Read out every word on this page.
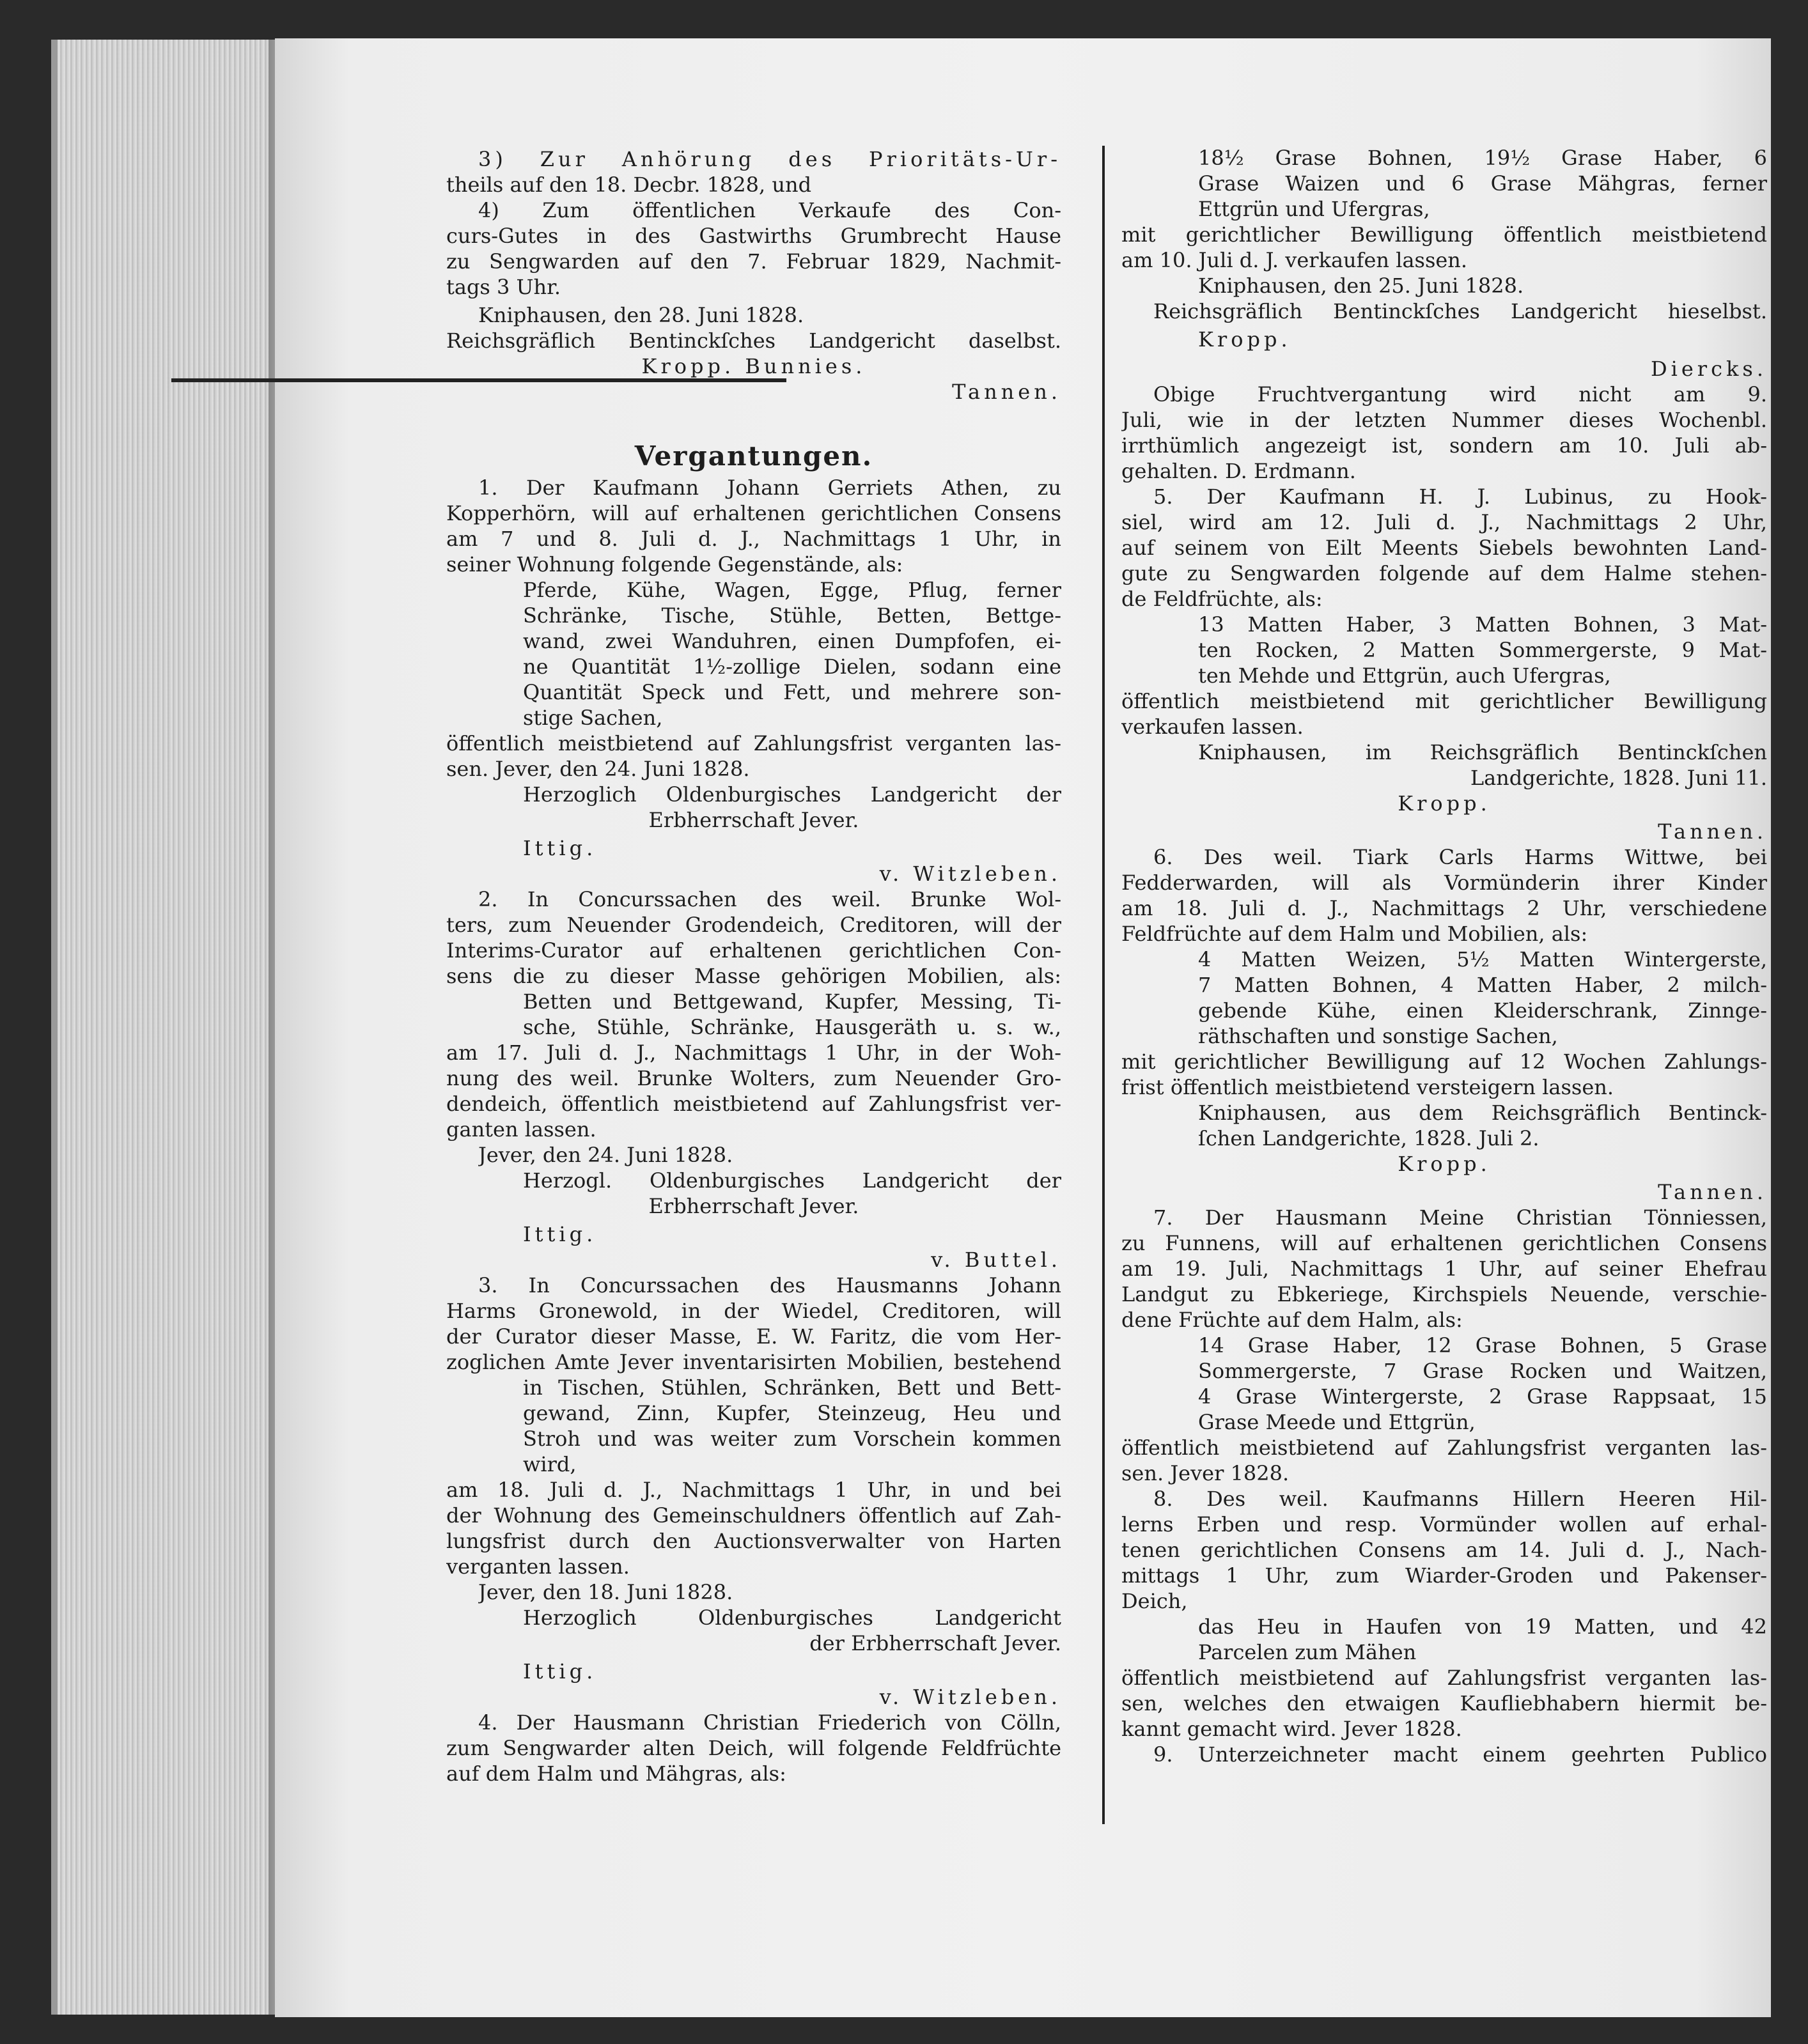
3) Zur Anhörung des Prioritäts-Ur-
theils auf den 18. Decbr. 1828, und
4) Zum öffentlichen Verkaufe des Con-
curs-Gutes in des Gastwirths Grumbrecht Hause
zu Sengwarden auf den 7. Februar 1829, Nachmit-
tags 3 Uhr.
Kniphausen, den 28. Juni 1828.
Reichsgräflich Bentinckſches Landgericht daselbst.
Kropp. Bunnies.
Tannen.
Vergantungen.
1. Der Kaufmann Johann Gerriets Athen, zu
Kopperhörn, will auf erhaltenen gerichtlichen Consens
am 7 und 8. Juli d. J., Nachmittags 1 Uhr, in
seiner Wohnung folgende Gegenstände, als:
Pferde, Kühe, Wagen, Egge, Pflug, ferner
Schränke, Tische, Stühle, Betten, Bettge-
wand, zwei Wanduhren, einen Dumpfofen, ei-
ne Quantität 1½-zollige Dielen, sodann eine
Quantität Speck und Fett, und mehrere son-
stige Sachen,
öffentlich meistbietend auf Zahlungsfrist verganten las-
sen. Jever, den 24. Juni 1828.
Herzoglich Oldenburgisches Landgericht der
Erbherrschaft Jever.
Ittig.
v. Witzleben.
2. In Concurssachen des weil. Brunke Wol-
ters, zum Neuender Grodendeich, Creditoren, will der
Interims-Curator auf erhaltenen gerichtlichen Con-
sens die zu dieser Masse gehörigen Mobilien, als:
Betten und Bettgewand, Kupfer, Messing, Ti-
sche, Stühle, Schränke, Hausgeräth u. s. w.,
am 17. Juli d. J., Nachmittags 1 Uhr, in der Woh-
nung des weil. Brunke Wolters, zum Neuender Gro-
dendeich, öffentlich meistbietend auf Zahlungsfrist ver-
ganten lassen.
Jever, den 24. Juni 1828.
Herzogl. Oldenburgisches Landgericht der
Erbherrschaft Jever.
Ittig.
v. Buttel.
3. In Concurssachen des Hausmanns Johann
Harms Gronewold, in der Wiedel, Creditoren, will
der Curator dieser Masse, E. W. Faritz, die vom Her-
zoglichen Amte Jever inventarisirten Mobilien, bestehend
in Tischen, Stühlen, Schränken, Bett und Bett-
gewand, Zinn, Kupfer, Steinzeug, Heu und
Stroh und was weiter zum Vorschein kommen
wird,
am 18. Juli d. J., Nachmittags 1 Uhr, in und bei
der Wohnung des Gemeinschuldners öffentlich auf Zah-
lungsfrist durch den Auctionsverwalter von Harten
verganten lassen.
Jever, den 18. Juni 1828.
Herzoglich Oldenburgisches Landgericht
der Erbherrschaft Jever.
Ittig.
v. Witzleben.
4. Der Hausmann Christian Friederich von Cölln,
zum Sengwarder alten Deich, will folgende Feldfrüchte
auf dem Halm und Mähgras, als:
18½ Grase Bohnen, 19½ Grase Haber, 6
Grase Waizen und 6 Grase Mähgras, ferner
Ettgrün und Ufergras,
mit gerichtlicher Bewilligung öffentlich meistbietend
am 10. Juli d. J. verkaufen lassen.
Kniphausen, den 25. Juni 1828.
Reichsgräflich Bentinckſches Landgericht hieselbst.
Kropp.
Diercks.
Obige Fruchtvergantung wird nicht am 9.
Juli, wie in der letzten Nummer dieses Wochenbl.
irrthümlich angezeigt ist, sondern am 10. Juli ab-
gehalten. D. Erdmann.
5. Der Kaufmann H. J. Lubinus, zu Hook-
siel, wird am 12. Juli d. J., Nachmittags 2 Uhr,
auf seinem von Eilt Meents Siebels bewohnten Land-
gute zu Sengwarden folgende auf dem Halme stehen-
de Feldfrüchte, als:
13 Matten Haber, 3 Matten Bohnen, 3 Mat-
ten Rocken, 2 Matten Sommergerste, 9 Mat-
ten Mehde und Ettgrün, auch Ufergras,
öffentlich meistbietend mit gerichtlicher Bewilligung
verkaufen lassen.
Kniphausen, im Reichsgräflich Bentinckſchen
Landgerichte, 1828. Juni 11.
Kropp.
Tannen.
6. Des weil. Tiark Carls Harms Wittwe, bei
Fedderwarden, will als Vormünderin ihrer Kinder
am 18. Juli d. J., Nachmittags 2 Uhr, verschiedene
Feldfrüchte auf dem Halm und Mobilien, als:
4 Matten Weizen, 5½ Matten Wintergerste,
7 Matten Bohnen, 4 Matten Haber, 2 milch-
gebende Kühe, einen Kleiderschrank, Zinnge-
räthschaften und sonstige Sachen,
mit gerichtlicher Bewilligung auf 12 Wochen Zahlungs-
frist öffentlich meistbietend versteigern lassen.
Kniphausen, aus dem Reichsgräflich Bentinck-
ſchen Landgerichte, 1828. Juli 2.
Kropp.
Tannen.
7. Der Hausmann Meine Christian Tönniessen,
zu Funnens, will auf erhaltenen gerichtlichen Consens
am 19. Juli, Nachmittags 1 Uhr, auf seiner Ehefrau
Landgut zu Ebkeriege, Kirchspiels Neuende, verschie-
dene Früchte auf dem Halm, als:
14 Grase Haber, 12 Grase Bohnen, 5 Grase
Sommergerste, 7 Grase Rocken und Waitzen,
4 Grase Wintergerste, 2 Grase Rappsaat, 15
Grase Meede und Ettgrün,
öffentlich meistbietend auf Zahlungsfrist verganten las-
sen. Jever 1828.
8. Des weil. Kaufmanns Hillern Heeren Hil-
lerns Erben und resp. Vormünder wollen auf erhal-
tenen gerichtlichen Consens am 14. Juli d. J., Nach-
mittags 1 Uhr, zum Wiarder-Groden und Pakenser-
Deich,
das Heu in Haufen von 19 Matten, und 42
Parcelen zum Mähen
öffentlich meistbietend auf Zahlungsfrist verganten las-
sen, welches den etwaigen Kaufliebhabern hiermit be-
kannt gemacht wird. Jever 1828.
9. Unterzeichneter macht einem geehrten Publico
